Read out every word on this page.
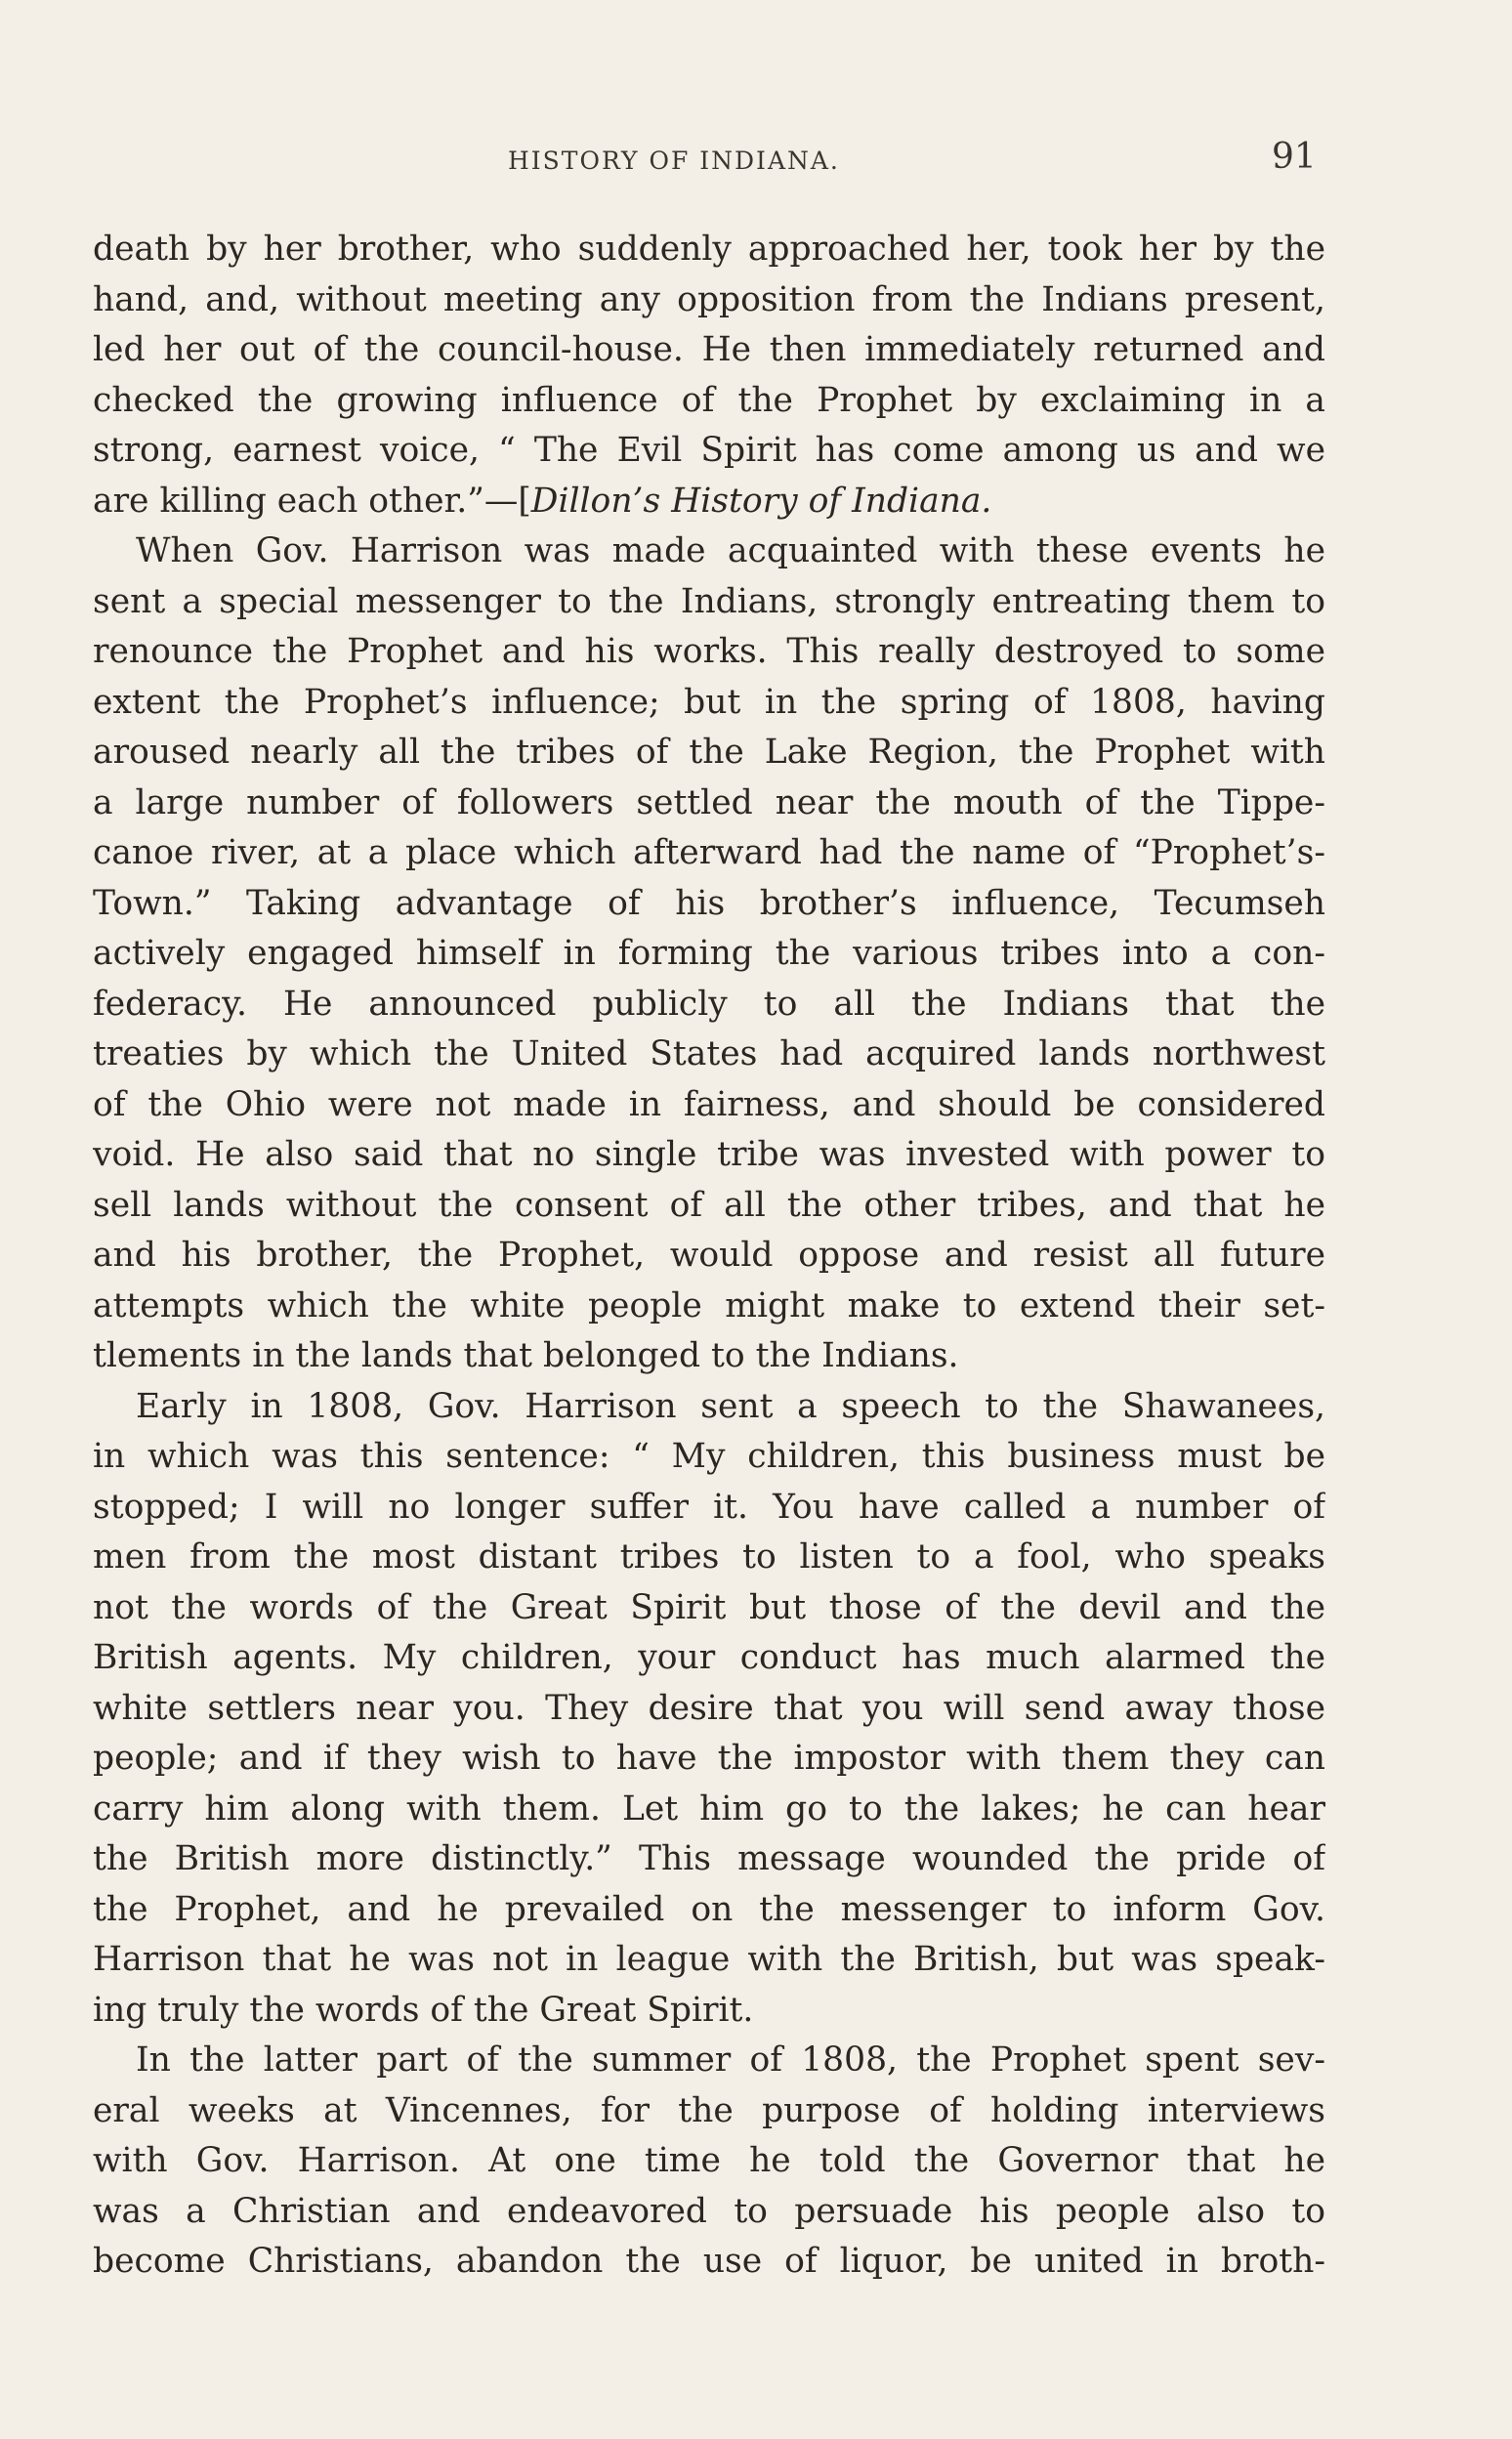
HISTORY OF INDIANA.	91
death by her brother, who suddenly approached her, took her by the
hand, and, without meeting any opposition from the Indians present,
led her out of the council-house. He then immediately returned and
checked the growing influence of the Prophet by exclaiming in a
strong, earnest voice, “ The Evil Spirit has come among us and we
are killing each other.”—[Dillon’s History of Indiana.
When Gov. Harrison was made acquainted with these events he
sent a special messenger to the Indians, strongly entreating them to
renounce the Prophet and his works. This really destroyed to some
extent the Prophet’s influence; but in the spring of 1808, having
aroused nearly all the tribes of the Lake Region, the Prophet with
a large number of followers settled near the mouth of the Tippe-
canoe river, at a place which afterward had the name of “Prophet’s-
Town.” Taking advantage of his brother’s influence, Tecumseh
actively engaged himself in forming the various tribes into a con-
federacy. He announced publicly to all the Indians that the
treaties by which the United States had acquired lands northwest
of the Ohio were not made in fairness, and should be considered
void. He also said that no single tribe was invested with power to
sell lands without the consent of all the other tribes, and that he
and his brother, the Prophet, would oppose and resist all future
attempts which the white people might make to extend their set-
tlements in the lands that belonged to the Indians.
Early in 1808, Gov. Harrison sent a speech to the Shawanees,
in which was this sentence: “ My children, this business must be
stopped; I will no longer suffer it. You have called a number of
men from the most distant tribes to listen to a fool, who speaks
not the words of the Great Spirit but those of the devil and the
British agents. My children, your conduct has much alarmed the
white settlers near you. They desire that you will send away those
people; and if they wish to have the impostor with them they can
carry him along with them. Let him go to the lakes; he can hear
the British more distinctly.” This message wounded the pride of
the Prophet, and he prevailed on the messenger to inform Gov.
Harrison that he was not in league with the British, but was speak-
ing truly the words of the Great Spirit.
In the latter part of the summer of 1808, the Prophet spent sev-
eral weeks at Vincennes, for the purpose of holding interviews
with Gov. Harrison. At one time he told the Governor that he
was a Christian and endeavored to persuade his people also to
become Christians, abandon the use of liquor, be united in broth-
